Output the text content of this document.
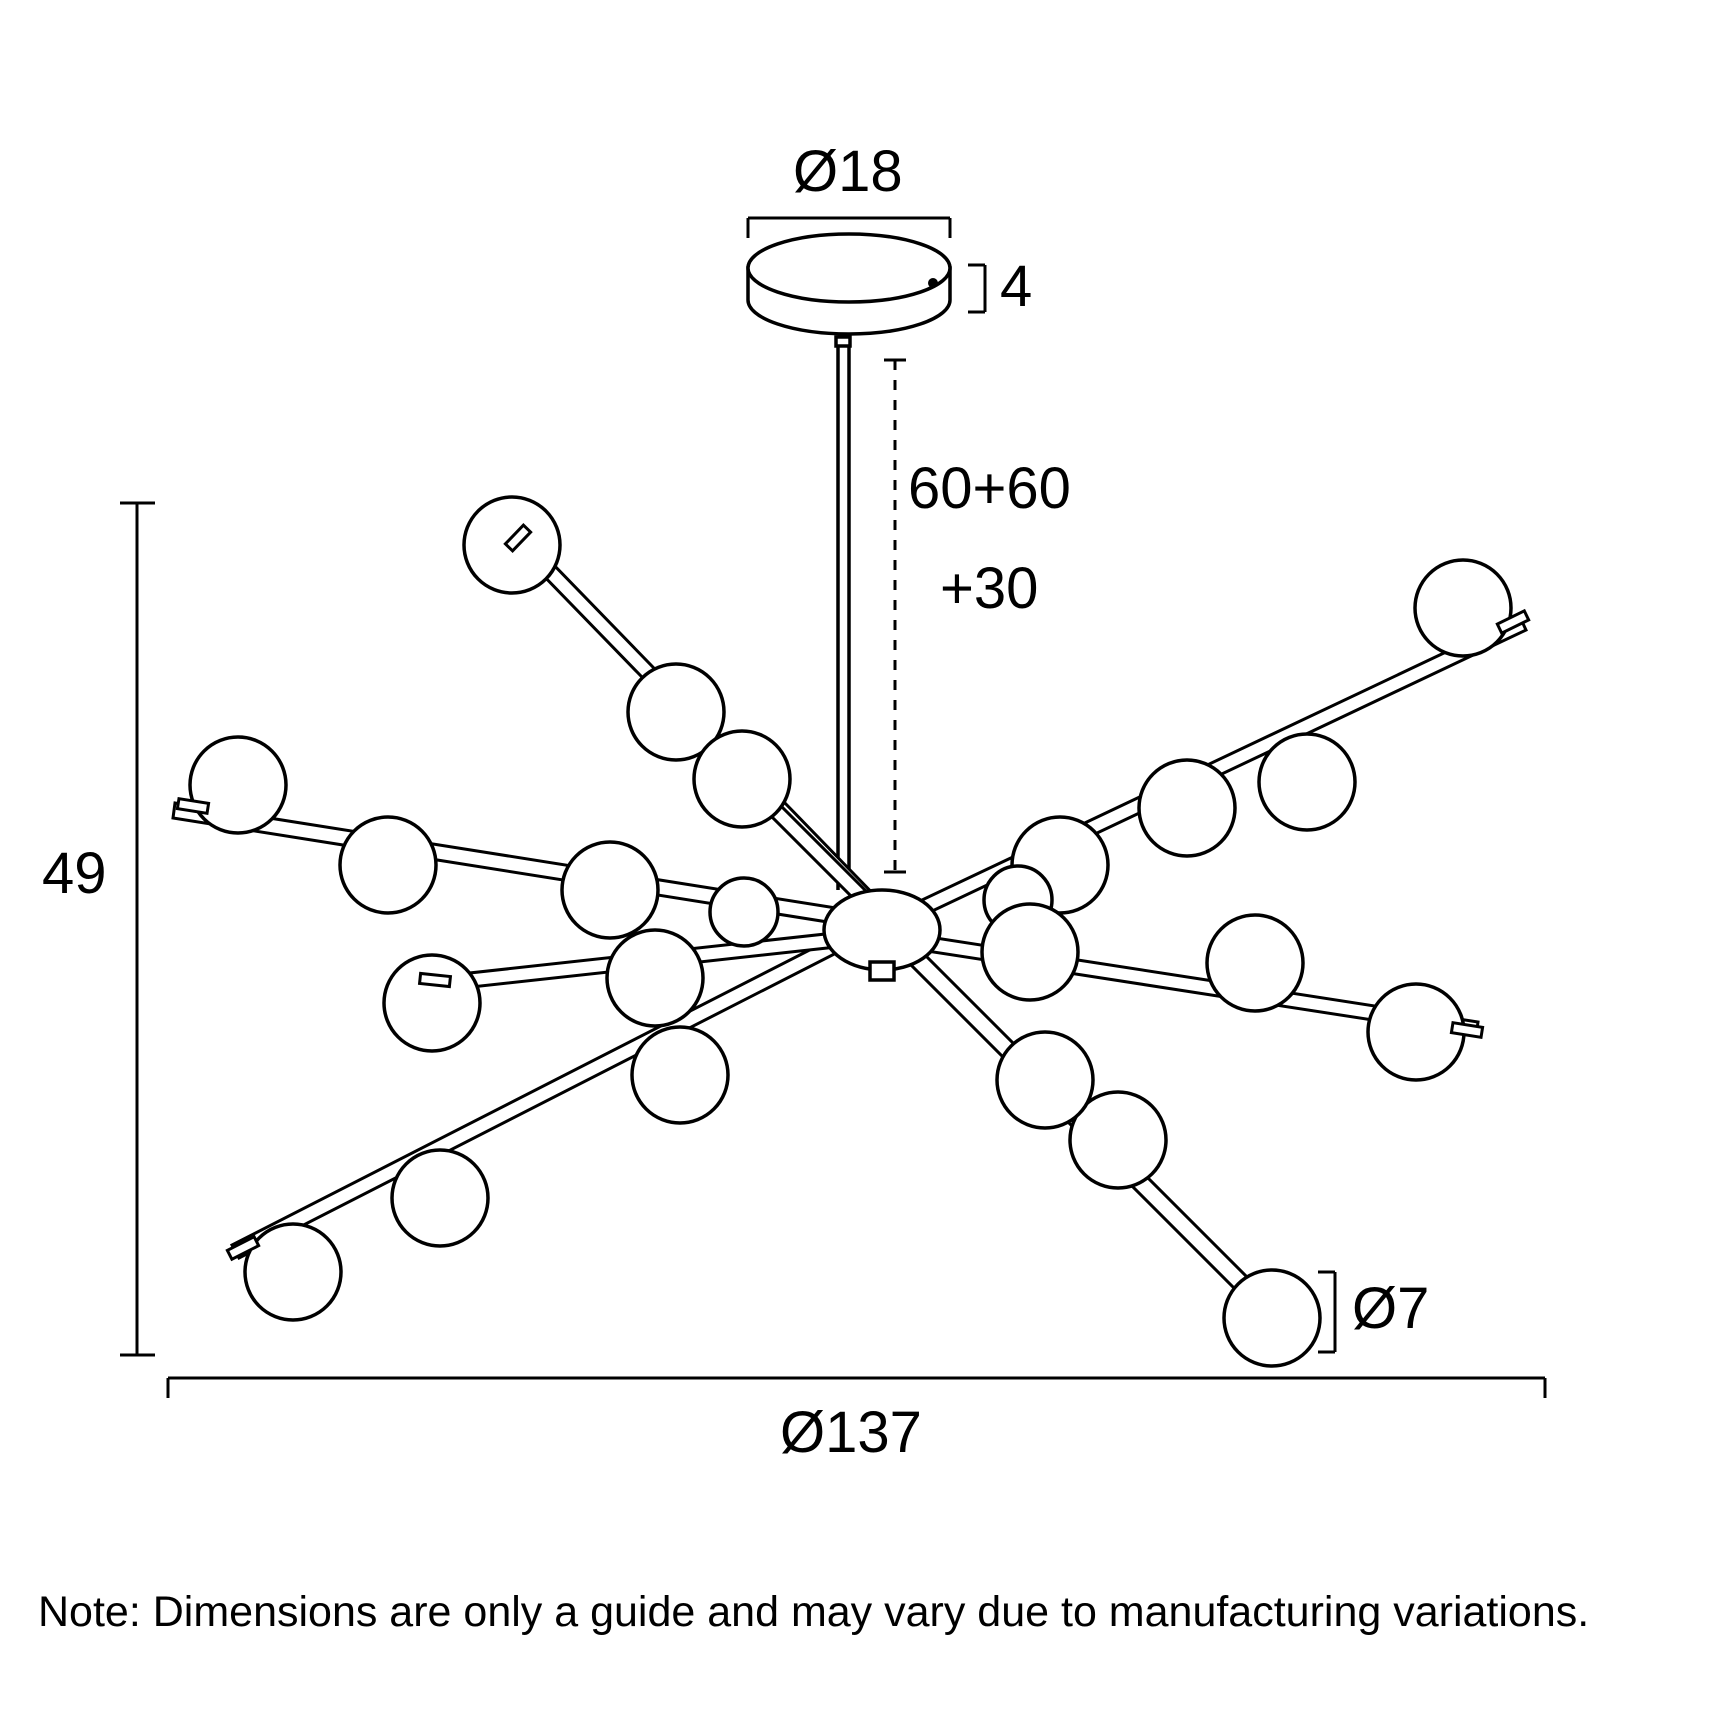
Ø18
4
60+60
+30
49
Ø7
Ø137
Note: Dimensions are only a guide and may vary due to manufacturing variations.
